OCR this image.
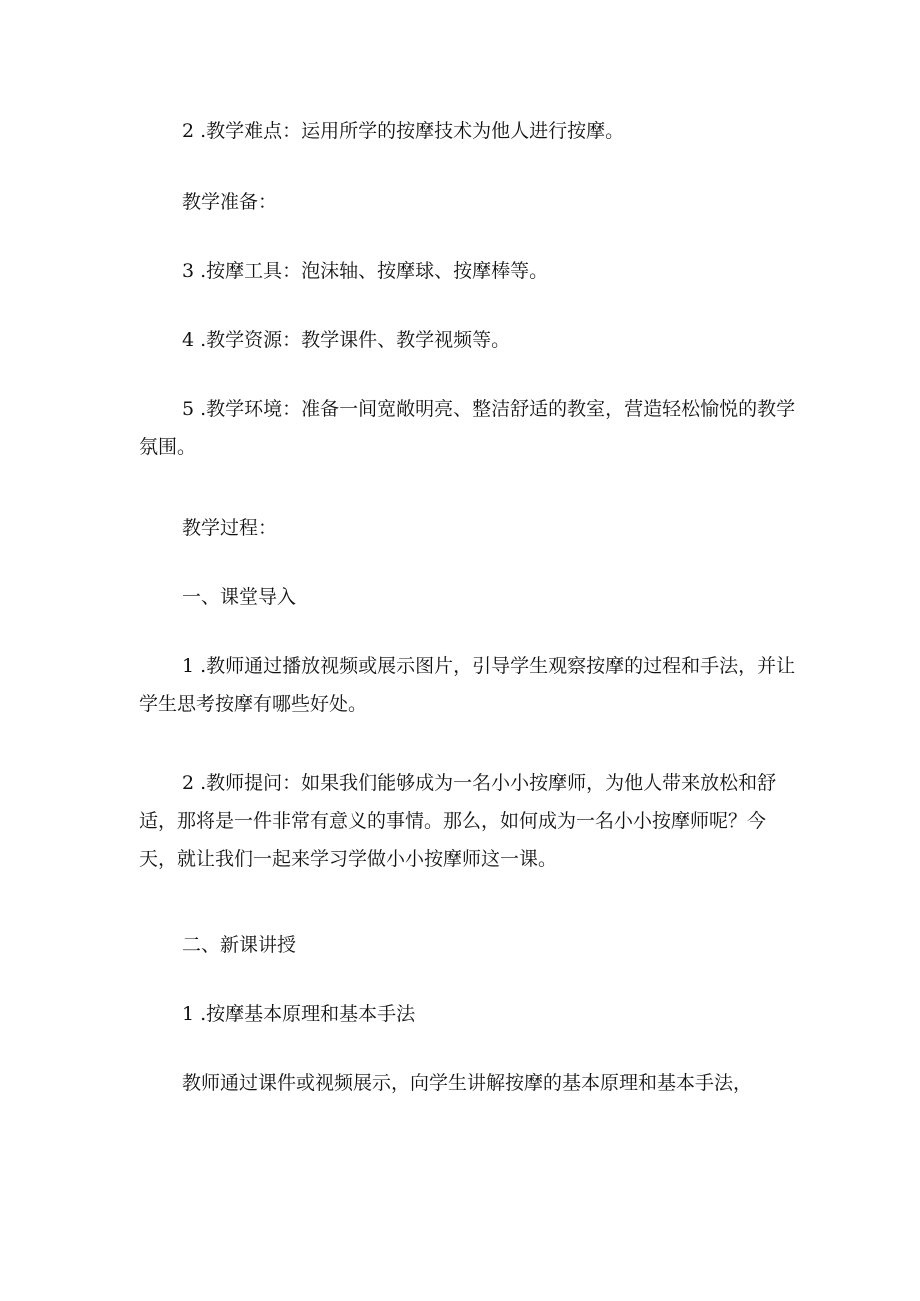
2 .教学难点：运用所学的按摩技术为他人进行按摩。

教学准备：

3 .按摩工具：泡沫轴、按摩球、按摩棒等。

4 .教学资源：教学课件、教学视频等。

5 .教学环境：准备一间宽敞明亮、整洁舒适的教室，营造轻松愉悦的教学氛围。

教学过程：

一、课堂导入

1 .教师通过播放视频或展示图片，引导学生观察按摩的过程和手法，并让学生思考按摩有哪些好处。

2 .教师提问：如果我们能够成为一名小小按摩师，为他人带来放松和舒适，那将是一件非常有意义的事情。那么，如何成为一名小小按摩师呢？今天，就让我们一起来学习学做小小按摩师这一课。

二、新课讲授

1 .按摩基本原理和基本手法

教师通过课件或视频展示，向学生讲解按摩的基本原理和基本手法，
